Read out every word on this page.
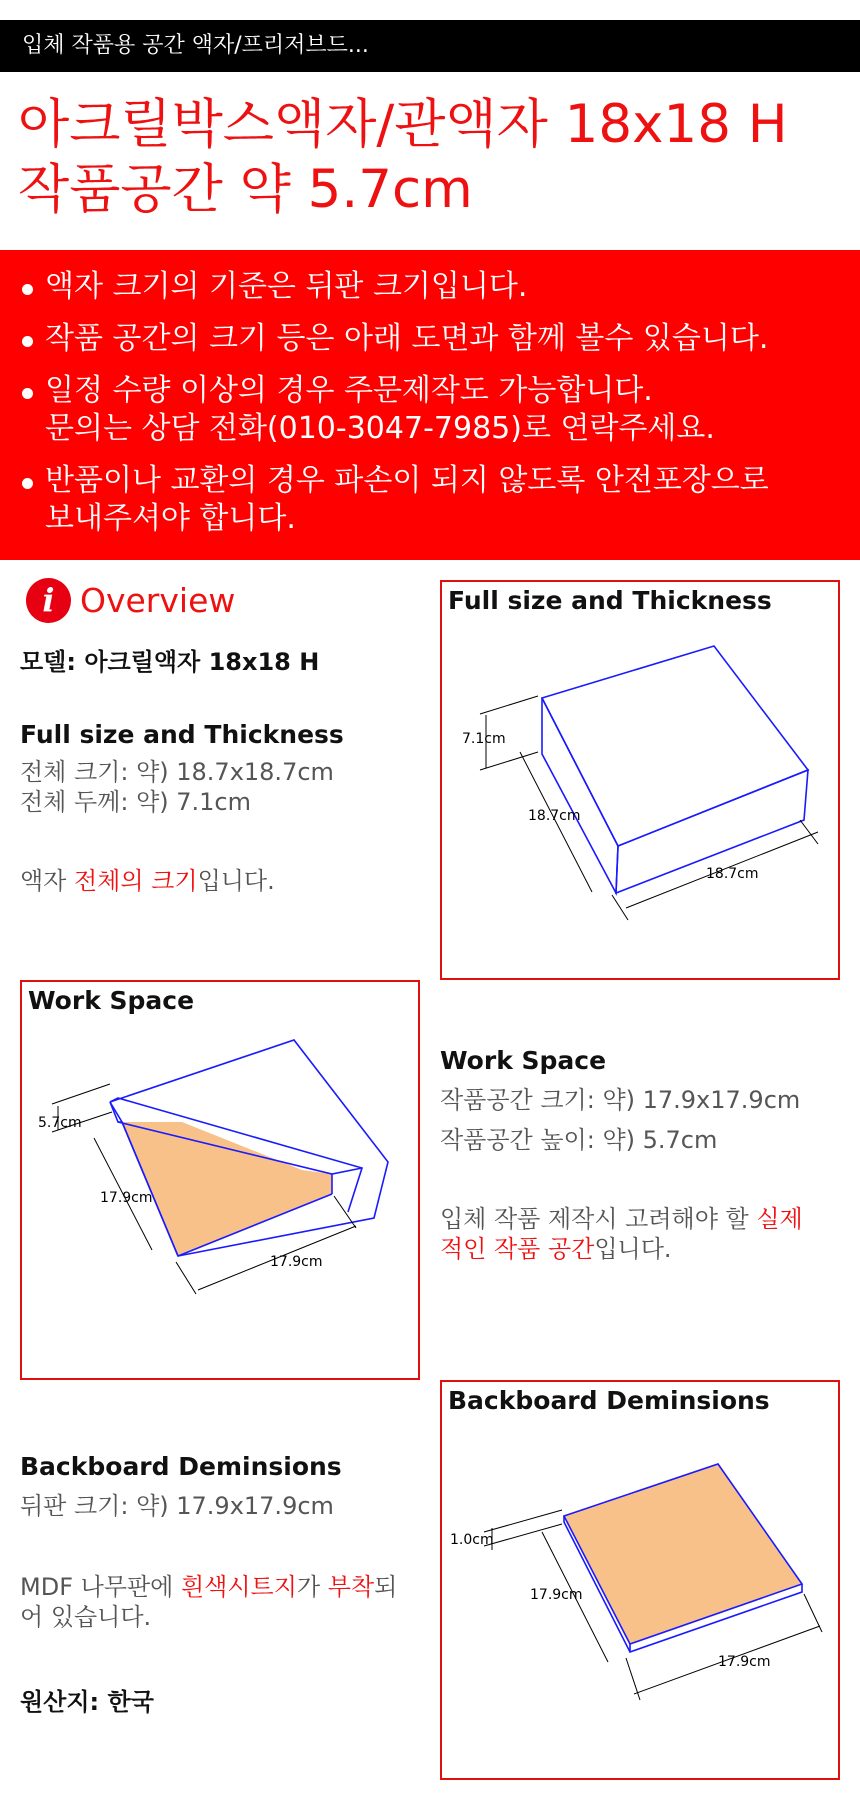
입체 작품용 공간 액자/프리저브드...
아크릴박스액자/관액자 18x18 H
작품공간 약 5.7cm
액자 크기의 기준은 뒤판 크기입니다.
작품 공간의 크기 등은 아래 도면과 함께 볼수 있습니다.
일정 수량 이상의 경우 주문제작도 가능합니다.
문의는 상담 전화(010-3047-7985)로 연락주세요.
반품이나 교환의 경우 파손이 되지 않도록 안전포장으로
보내주셔야 합니다.
i Overview
모델: 아크릴액자 18x18 H
Full size and Thickness
전체 크기: 약) 18.7x18.7cm
전체 두께: 약) 7.1cm
액자 전체의 크기입니다.
Full size and Thickness
7.1cm
18.7cm
18.7cm
Work Space
5.7cm
17.9cm
17.9cm
Work Space
작품공간 크기: 약) 17.9x17.9cm
작품공간 높이: 약) 5.7cm
입체 작품 제작시 고려해야 할 실제
적인 작품 공간입니다.
Backboard Deminsions
1.0cm
17.9cm
17.9cm
Backboard Deminsions
뒤판 크기: 약) 17.9x17.9cm
MDF 나무판에 흰색시트지가 부착되
어 있습니다.
원산지: 한국
